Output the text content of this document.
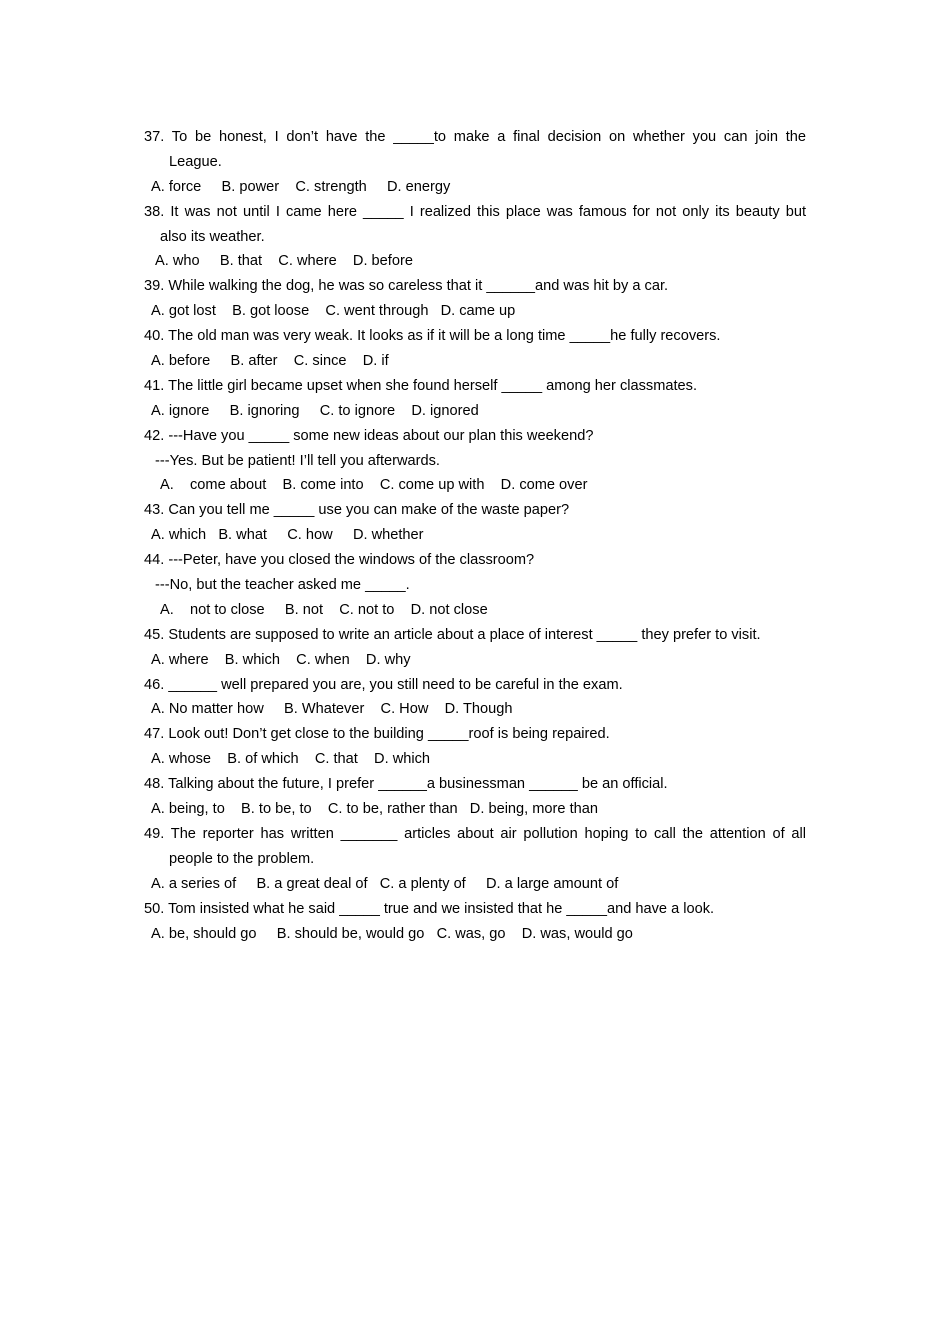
37. To be honest, I don’t have the _____to make a final decision on whether you can join the
League.
A. force     B. power    C. strength     D. energy
38. It was not until I came here _____ I realized this place was famous for not only its beauty but
also its weather.
A. who     B. that    C. where    D. before
39. While walking the dog, he was so careless that it ______and was hit by a car.
A. got lost    B. got loose    C. went through   D. came up
40. The old man was very weak. It looks as if it will be a long time _____he fully recovers.
A. before     B. after    C. since    D. if
41. The little girl became upset when she found herself _____ among her classmates.
A. ignore     B. ignoring     C. to ignore    D. ignored
42. ---Have you _____ some new ideas about our plan this weekend?
---Yes. But be patient! I’ll tell you afterwards.
A.    come about    B. come into    C. come up with    D. come over
43. Can you tell me _____ use you can make of the waste paper?
A. which   B. what     C. how     D. whether
44. ---Peter, have you closed the windows of the classroom?
---No, but the teacher asked me _____.
A.    not to close     B. not    C. not to    D. not close
45. Students are supposed to write an article about a place of interest _____ they prefer to visit.
A. where    B. which    C. when    D. why
46. ______ well prepared you are, you still need to be careful in the exam.
A. No matter how     B. Whatever    C. How    D. Though
47. Look out! Don’t get close to the building _____roof is being repaired.
A. whose    B. of which    C. that    D. which
48. Talking about the future, I prefer ______a businessman ______ be an official.
A. being, to    B. to be, to    C. to be, rather than   D. being, more than
49. The reporter has written _______ articles about air pollution hoping to call the attention of all
people to the problem.
A. a series of     B. a great deal of   C. a plenty of     D. a large amount of
50. Tom insisted what he said _____ true and we insisted that he _____and have a look.
A. be, should go     B. should be, would go   C. was, go    D. was, would go
